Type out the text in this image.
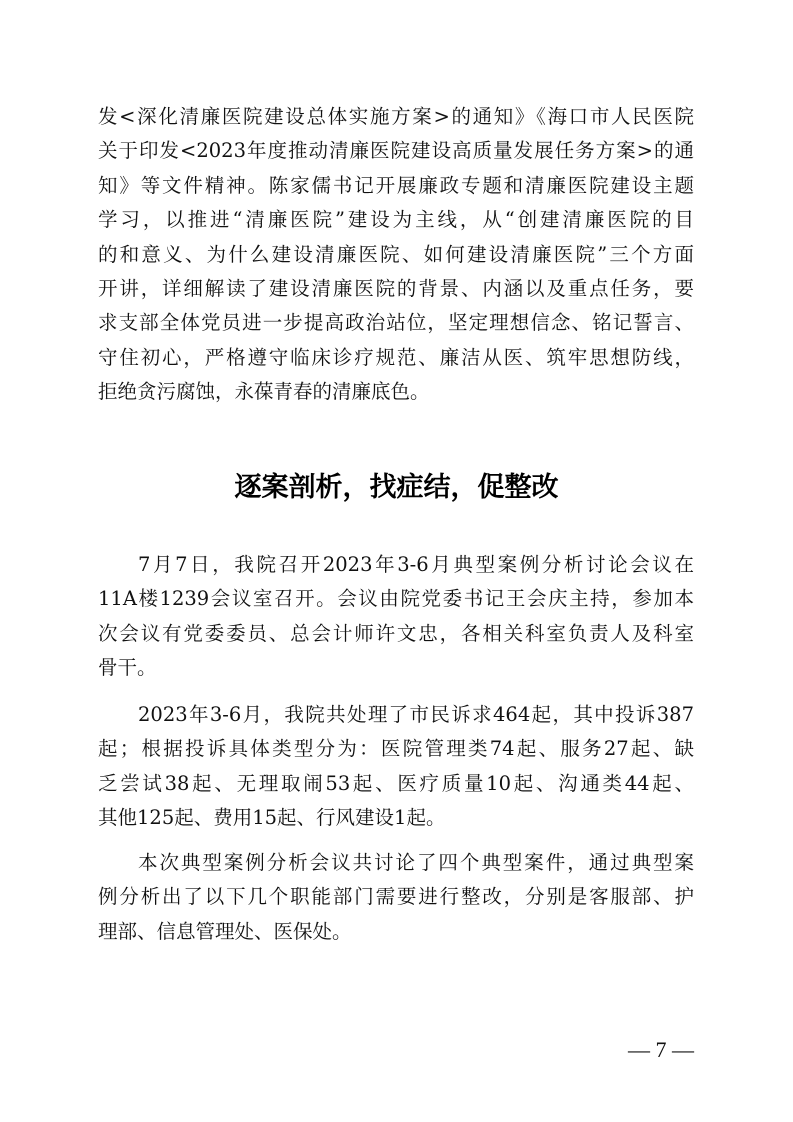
发<深化清廉医院建设总体实施方案>的通知》《海口市人民医院
关于印发<2023年度推动清廉医院建设高质量发展任务方案>的通
知》等文件精神。陈家儒书记开展廉政专题和清廉医院建设主题
学习，以推进“清廉医院”建设为主线，从“创建清廉医院的目
的和意义、为什么建设清廉医院、如何建设清廉医院”三个方面
开讲，详细解读了建设清廉医院的背景、内涵以及重点任务，要
求支部全体党员进一步提高政治站位，坚定理想信念、铭记誓言、
守住初心，严格遵守临床诊疗规范、廉洁从医、筑牢思想防线，
拒绝贪污腐蚀，永葆青春的清廉底色。
逐案剖析，找症结，促整改
7月7日，我院召开2023年3-6月典型案例分析讨论会议在
11A楼1239会议室召开。会议由院党委书记王会庆主持，参加本
次会议有党委委员、总会计师许文忠，各相关科室负责人及科室
骨干。
2023年3-6月，我院共处理了市民诉求464起，其中投诉387
起；根据投诉具体类型分为：医院管理类74起、服务27起、缺
乏尝试38起、无理取闹53起、医疗质量10起、沟通类44起、
其他125起、费用15起、行风建设1起。
本次典型案例分析会议共讨论了四个典型案件，通过典型案
例分析出了以下几个职能部门需要进行整改，分别是客服部、护
理部、信息管理处、医保处。
— 7 —
